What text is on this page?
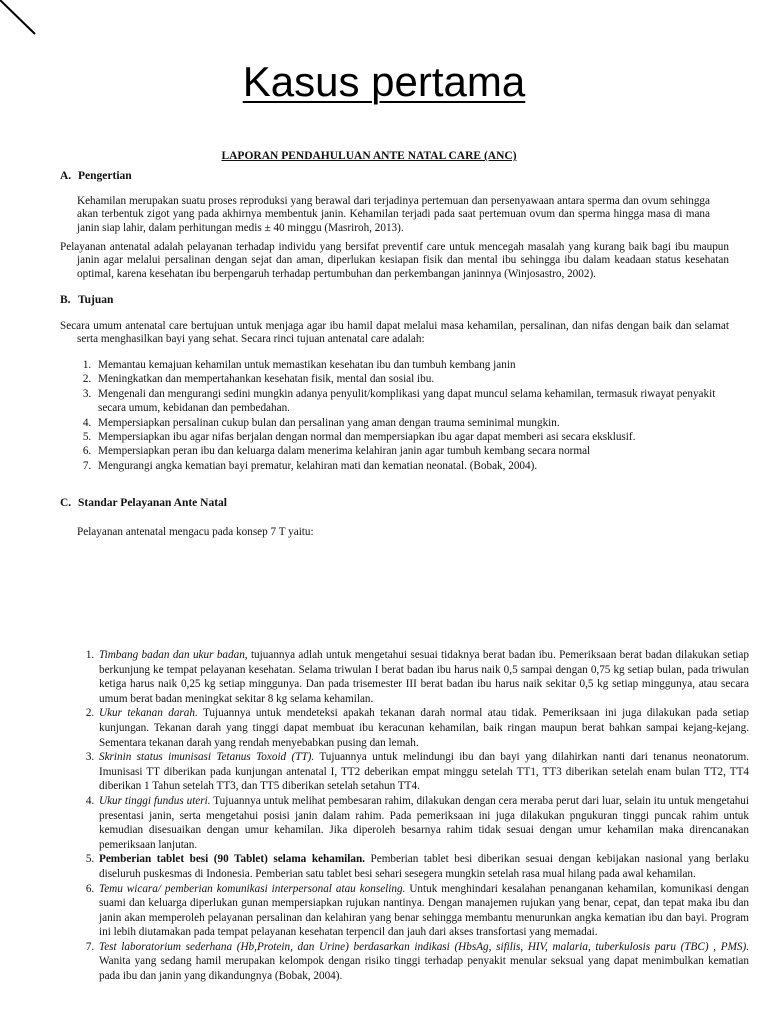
Kasus pertama
LAPORAN PENDAHULUAN ANTE NATAL CARE (ANC)
A. Pengertian
Kehamilan merupakan suatu proses reproduksi yang berawal dari terjadinya pertemuan dan persenyawaan antara sperma dan ovum sehingga akan terbentuk zigot yang pada akhirnya membentuk janin. Kehamilan terjadi pada saat pertemuan ovum dan sperma hingga masa di mana janin siap lahir, dalam perhitungan medis ± 40 minggu (Masriroh, 2013).
Pelayanan antenatal adalah pelayanan terhadap individu yang bersifat preventif care untuk mencegah masalah yang kurang baik bagi ibu maupun janin agar melalui persalinan dengan sejat dan aman, diperlukan kesiapan fisik dan mental ibu sehingga ibu dalam keadaan status kesehatan optimal, karena kesehatan ibu berpengaruh terhadap pertumbuhan dan perkembangan janinnya (Winjosastro, 2002).
B. Tujuan
Secara umum antenatal care bertujuan untuk menjaga agar ibu hamil dapat melalui masa kehamilan, persalinan, dan nifas dengan baik dan selamat serta menghasilkan bayi yang sehat. Secara rinci tujuan antenatal care adalah:
1. Memantau kemajuan kehamilan untuk memastikan kesehatan ibu dan tumbuh kembang janin
2. Meningkatkan dan mempertahankan kesehatan fisik, mental dan sosial ibu.
3. Mengenali dan mengurangi sedini mungkin adanya penyulit/komplikasi yang dapat muncul selama kehamilan, termasuk riwayat penyakit secara umum, kebidanan dan pembedahan.
4. Mempersiapkan persalinan cukup bulan dan persalinan yang aman dengan trauma seminimal mungkin.
5. Mempersiapkan ibu agar nifas berjalan dengan normal dan mempersiapkan ibu agar dapat memberi asi secara eksklusif.
6. Mempersiapkan peran ibu dan keluarga dalam menerima kelahiran janin agar tumbuh kembang secara normal
7. Mengurangi angka kematian bayi prematur, kelahiran mati dan kematian neonatal. (Bobak, 2004).
C. Standar Pelayanan Ante Natal
Pelayanan antenatal mengacu pada konsep 7 T yaitu:
1. Timbang badan dan ukur badan, tujuannya adlah untuk mengetahui sesuai tidaknya berat badan ibu. Pemeriksaan berat badan dilakukan setiap berkunjung ke tempat pelayanan kesehatan. Selama triwulan I berat badan ibu harus naik 0,5 sampai dengan 0,75 kg setiap bulan, pada triwulan ketiga harus naik 0,25 kg setiap minggunya. Dan pada trisemester III berat badan ibu harus naik sekitar 0,5 kg setiap minggunya, atau secara umum berat badan meningkat sekitar 8 kg selama kehamilan.
2. Ukur tekanan darah. Tujuannya untuk mendeteksi apakah tekanan darah normal atau tidak. Pemeriksaan ini juga dilakukan pada setiap kunjungan. Tekanan darah yang tinggi dapat membuat ibu keracunan kehamilan, baik ringan maupun berat bahkan sampai kejang-kejang. Sementara tekanan darah yang rendah menyebabkan pusing dan lemah.
3. Skrinin status imunisasi Tetanus Toxoid (TT). Tujuannya untuk melindungi ibu dan bayi yang dilahirkan nanti dari tenanus neonatorum. Imunisasi TT diberikan pada kunjungan antenatal I, TT2 deberikan empat minggu setelah TT1, TT3 diberikan setelah enam bulan TT2, TT4 diberikan 1 Tahun setelah TT3, dan TT5 diberikan setelah setahun TT4.
4. Ukur tinggi fundus uteri. Tujuannya untuk melihat pembesaran rahim, dilakukan dengan cera meraba perut dari luar, selain itu untuk mengetahui presentasi janin, serta mengetahui posisi janin dalam rahim. Pada pemeriksaan ini juga dilakukan pngukuran tinggi puncak rahim untuk kemudian disesuaikan dengan umur kehamilan. Jika diperoleh besarnya rahim tidak sesuai dengan umur kehamilan maka direncanakan pemeriksaan lanjutan.
5. Pemberian tablet besi (90 Tablet) selama kehamilan. Pemberian tablet besi diberikan sesuai dengan kebijakan nasional yang berlaku diseluruh puskesmas di Indonesia. Pemberian satu tablet besi sehari sesegera mungkin setelah rasa mual hilang pada awal kehamilan.
6. Temu wicara/ pemberian komunikasi interpersonal atau konseling. Untuk menghindari kesalahan penanganan kehamilan, komunikasi dengan suami dan keluarga diperlukan gunan mempersiapkan rujukan nantinya. Dengan manajemen rujukan yang benar, cepat, dan tepat maka ibu dan janin akan memperoleh pelayanan persalinan dan kelahiran yang benar sehingga membantu menurunkan angka kematian ibu dan bayi. Program ini lebih diutamakan pada tempat pelayanan kesehatan terpencil dan jauh dari akses transfortasi yang memadai.
7. Test laboratorium sederhana (Hb,Protein, dan Urine) berdasarkan indikasi (HbsAg, sifilis, HIV, malaria, tuberkulosis paru (TBC) , PMS). Wanita yang sedang hamil merupakan kelompok dengan risiko tinggi terhadap penyakit menular seksual yang dapat menimbulkan kematian pada ibu dan janin yang dikandungnya (Bobak, 2004).
